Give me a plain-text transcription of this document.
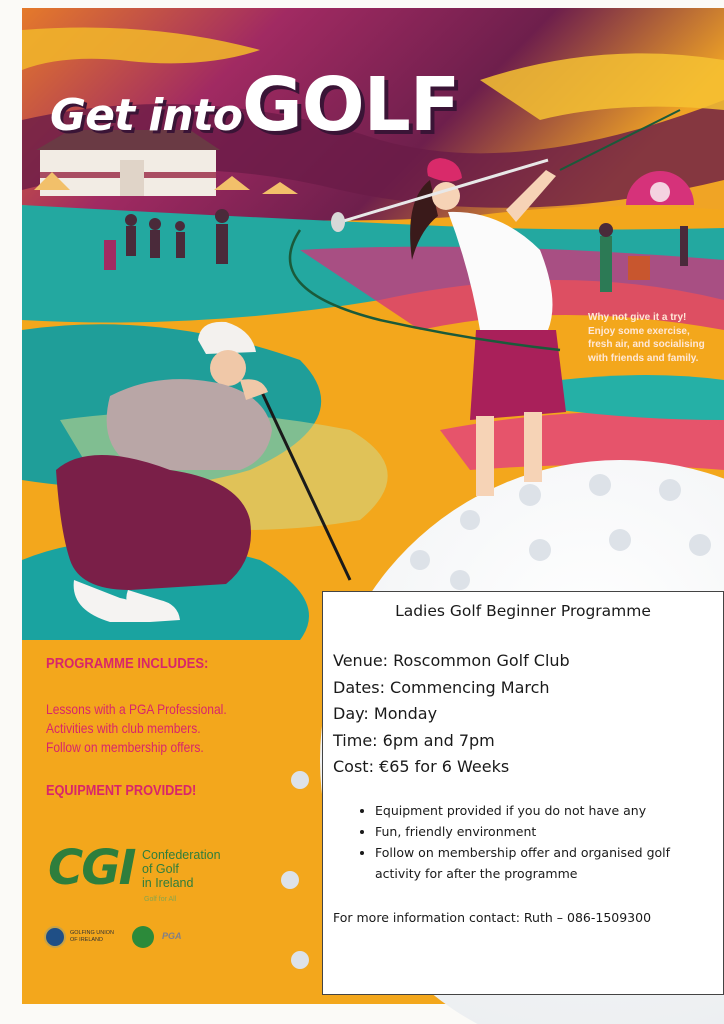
Get intoGOLF
Why not give it a try!
Enjoy some exercise,
fresh air, and socialising
with friends and family.
PROGRAMME INCLUDES:
Lessons with a PGA Professional.
Activities with club members.
Follow on membership offers.
EQUIPMENT PROVIDED!
CGI Confederation
of Golf
in Ireland
Golf for All
GOLFING UNION
OF IRELAND	PGA
Ladies Golf Beginner Programme
Venue: Roscommon Golf Club
Dates: Commencing March
Day: Monday
Time: 6pm and 7pm
Cost: €65 for 6 Weeks
• Equipment provided if you do not have any
• Fun, friendly environment
• Follow on membership offer and organised golf activity for after the programme
For more information contact: Ruth – 086-1509300
